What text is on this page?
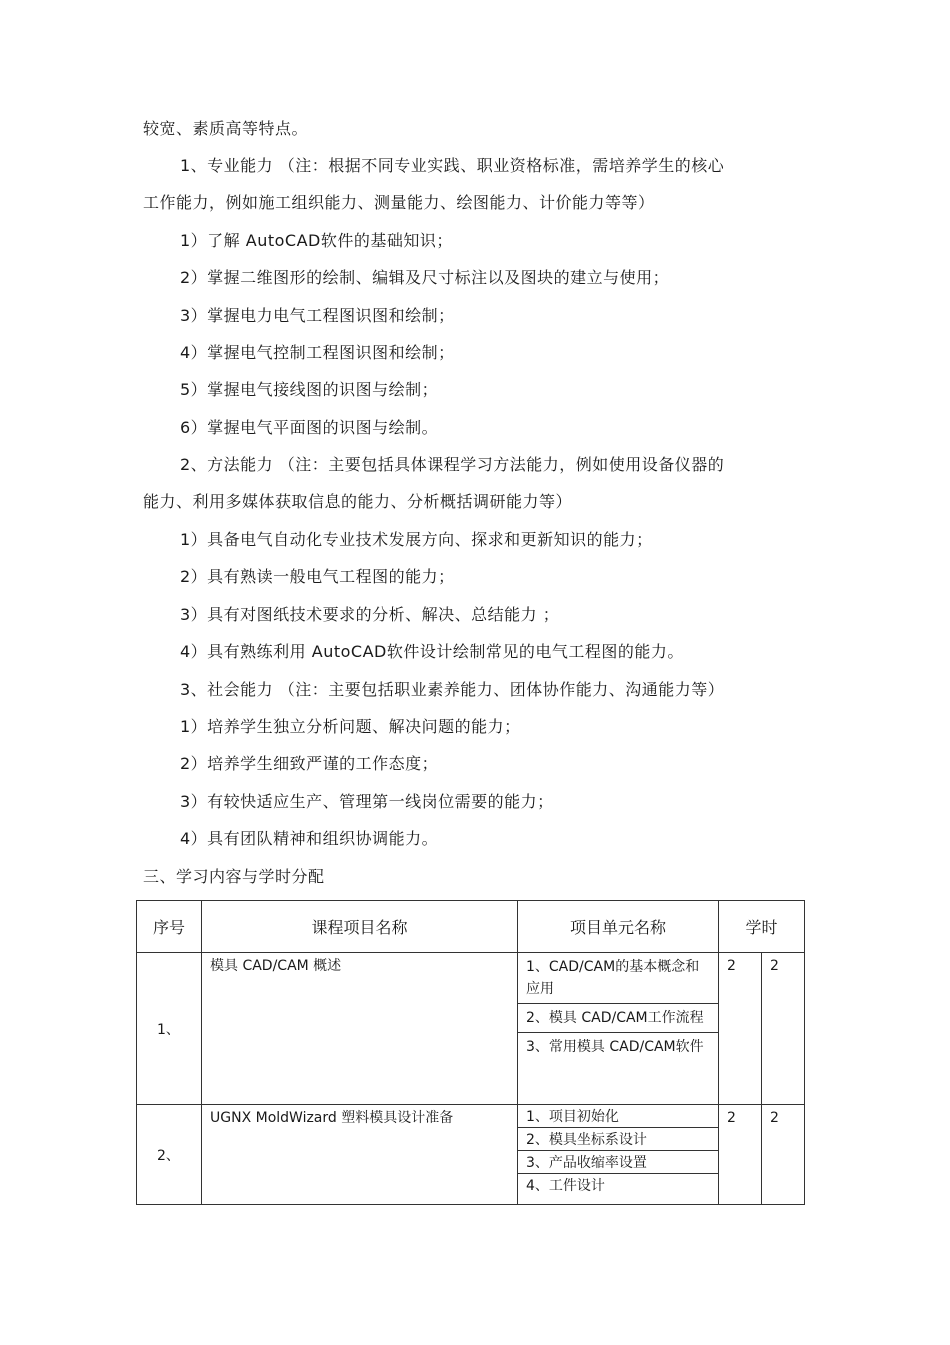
较宽、素质高等特点。
1、专业能力 （注：根据不同专业实践、职业资格标准，需培养学生的核心
工作能力，例如施工组织能力、测量能力、绘图能力、计价能力等等）
1）了解 AutoCAD软件的基础知识；
2）掌握二维图形的绘制、编辑及尺寸标注以及图块的建立与使用；
3）掌握电力电气工程图识图和绘制；
4）掌握电气控制工程图识图和绘制；
5）掌握电气接线图的识图与绘制；
6）掌握电气平面图的识图与绘制。
2、方法能力 （注：主要包括具体课程学习方法能力，例如使用设备仪器的
能力、利用多媒体获取信息的能力、分析概括调研能力等）
1）具备电气自动化专业技术发展方向、探求和更新知识的能力；
2）具有熟读一般电气工程图的能力；
3）具有对图纸技术要求的分析、解决、总结能力 ；
4）具有熟练利用 AutoCAD软件设计绘制常见的电气工程图的能力。
3、社会能力 （注：主要包括职业素养能力、团体协作能力、沟通能力等）
1）培养学生独立分析问题、解决问题的能力；
2）培养学生细致严谨的工作态度；
3）有较快适应生产、管理第一线岗位需要的能力；
4）具有团队精神和组织协调能力。
三、学习内容与学时分配
序号	课程项目名称	项目单元名称	学时	
1、	模具 CAD/CAM 概述	1、CAD/CAM的基本概念和应用
2、模具 CAD/CAM工作流程
3、常用模具 CAD/CAM软件	2	2

2、	UGNX MoldWizard 塑料模具设计准备	1、项目初始化
2、模具坐标系设计
3、产品收缩率设置
4、工件设计	2	2
